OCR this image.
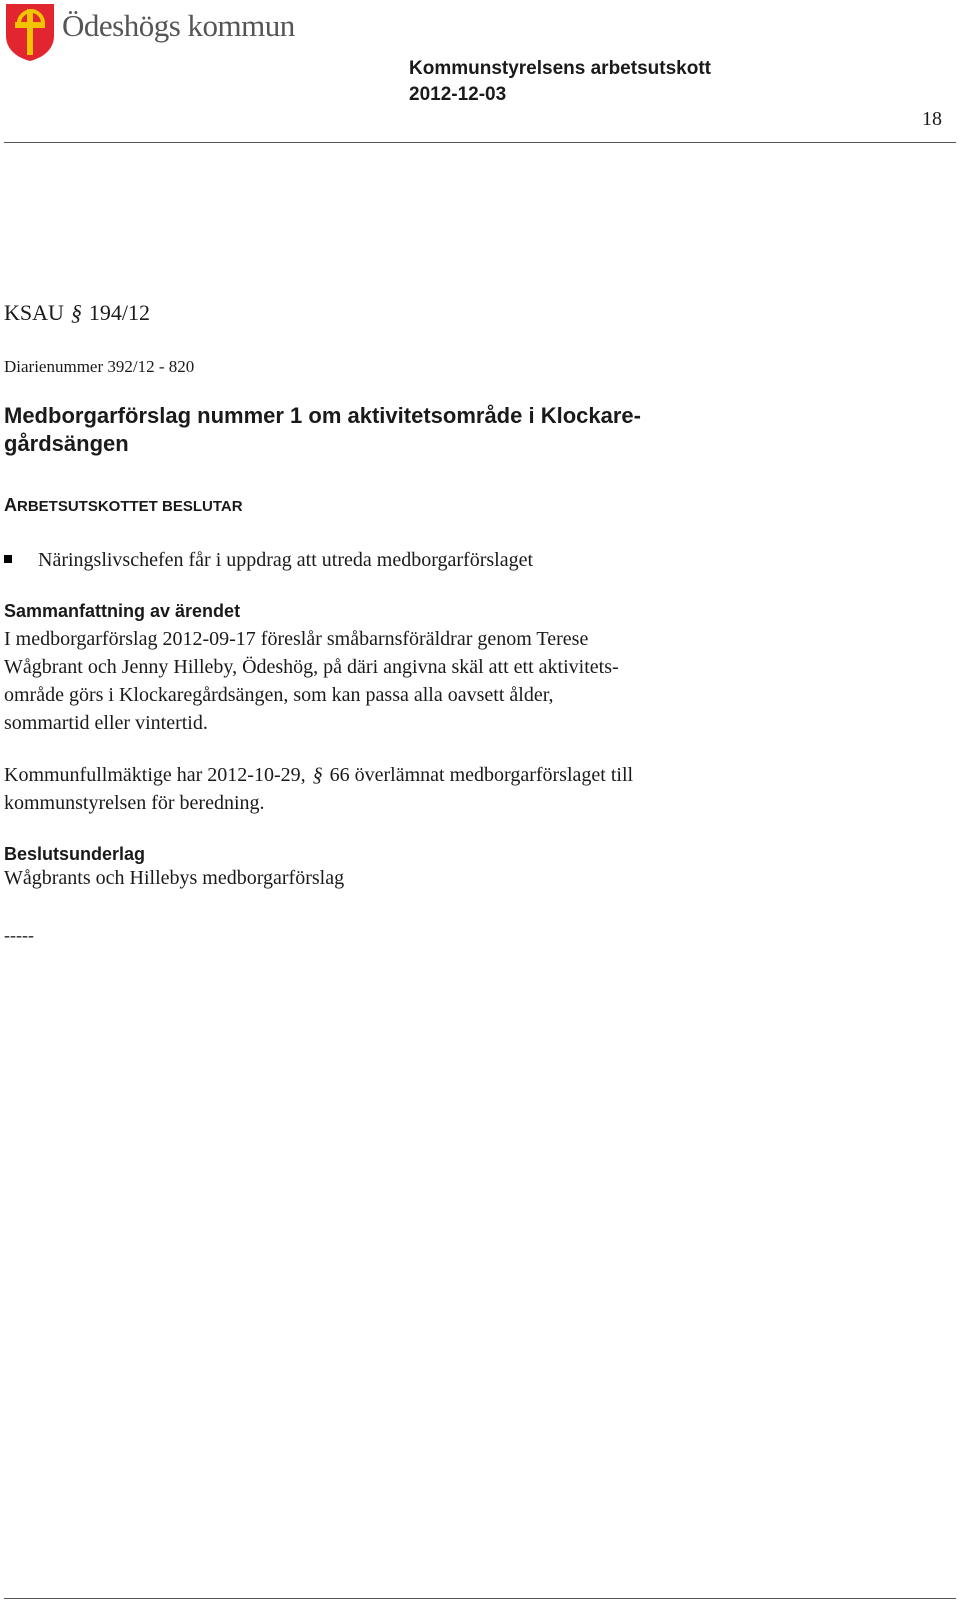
Ödeshögs kommun
Kommunstyrelsens arbetsutskott
2012-12-03
18
KSAU § 194/12
Diarienummer 392/12 - 820
Medborgarförslag nummer 1 om aktivitetsområde i Klockare-
gårdsängen
ARBETSUTSKOTTET BESLUTAR
Näringslivschefen får i uppdrag att utreda medborgarförslaget
Sammanfattning av ärendet
I medborgarförslag 2012-09-17 föreslår småbarnsföräldrar genom Terese
Wågbrant och Jenny Hilleby, Ödeshög, på däri angivna skäl att ett aktivitets-
område görs i Klockaregårdsängen, som kan passa alla oavsett ålder,
sommartid eller vintertid.
Kommunfullmäktige har 2012-10-29, § 66 överlämnat medborgarförslaget till
kommunstyrelsen för beredning.
Beslutsunderlag
Wågbrants och Hillebys medborgarförslag
-----
